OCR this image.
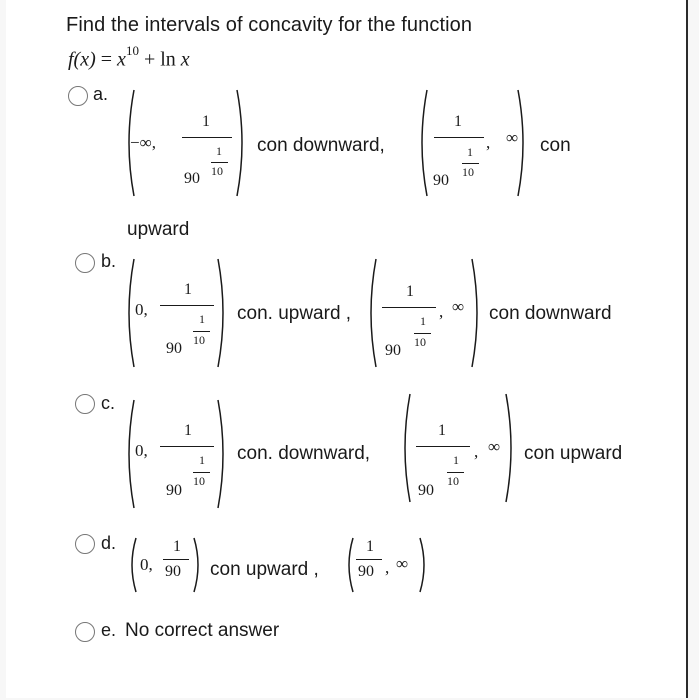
Find the intervals of concavity for the function
$f(x) = x^{10} + \ln x$
a.
−∞,
1
90
1
10
con downward,
1
90
1
10
, ∞ con
upward
b.
0,
1
90
1
10
con. upward ,
1
90
1
10
, ∞ con downward
c.
0,
1
90
1
10
con. downward,
1
90
1
10
, ∞ con upward
d.
0,
1
90 con upward ,
1
90 , ∞
e. No correct answer
